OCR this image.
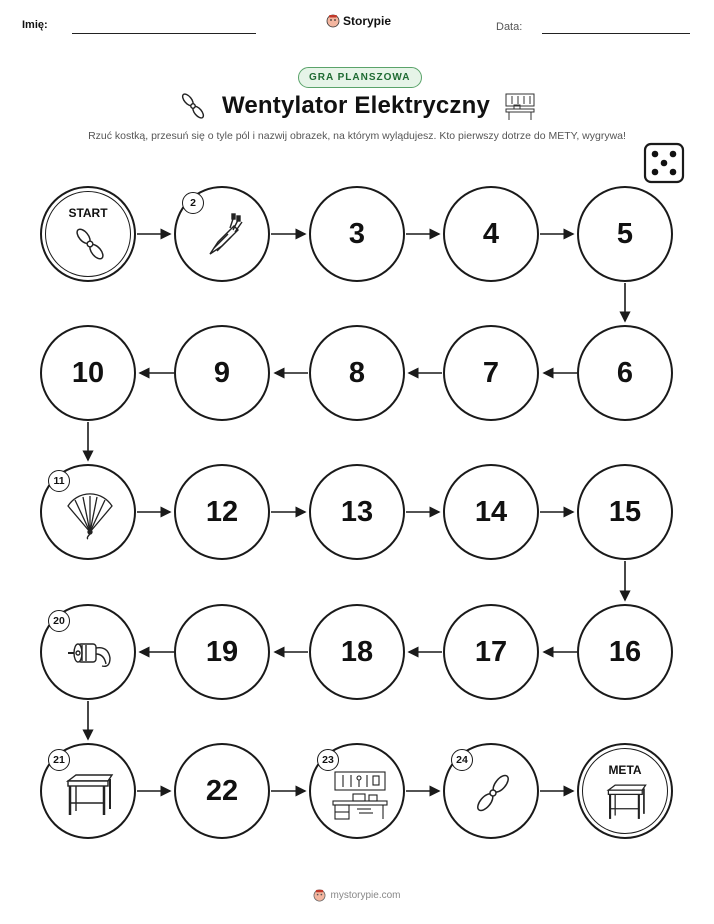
Imię:	Storypie	Data:
GRA PLANSZOWA
Wentylator Elektryczny
Rzuć kostką, przesuń się o tyle pól i nazwij obrazek, na którym wylądujesz. Kto pierwszy dotrze do METY, wygrywa!
START
2
3	4	5
6
7
8
9
10
11
12	13	14	15
16
17
18
19
20
21
22
23	24
META
mystorypie.com
